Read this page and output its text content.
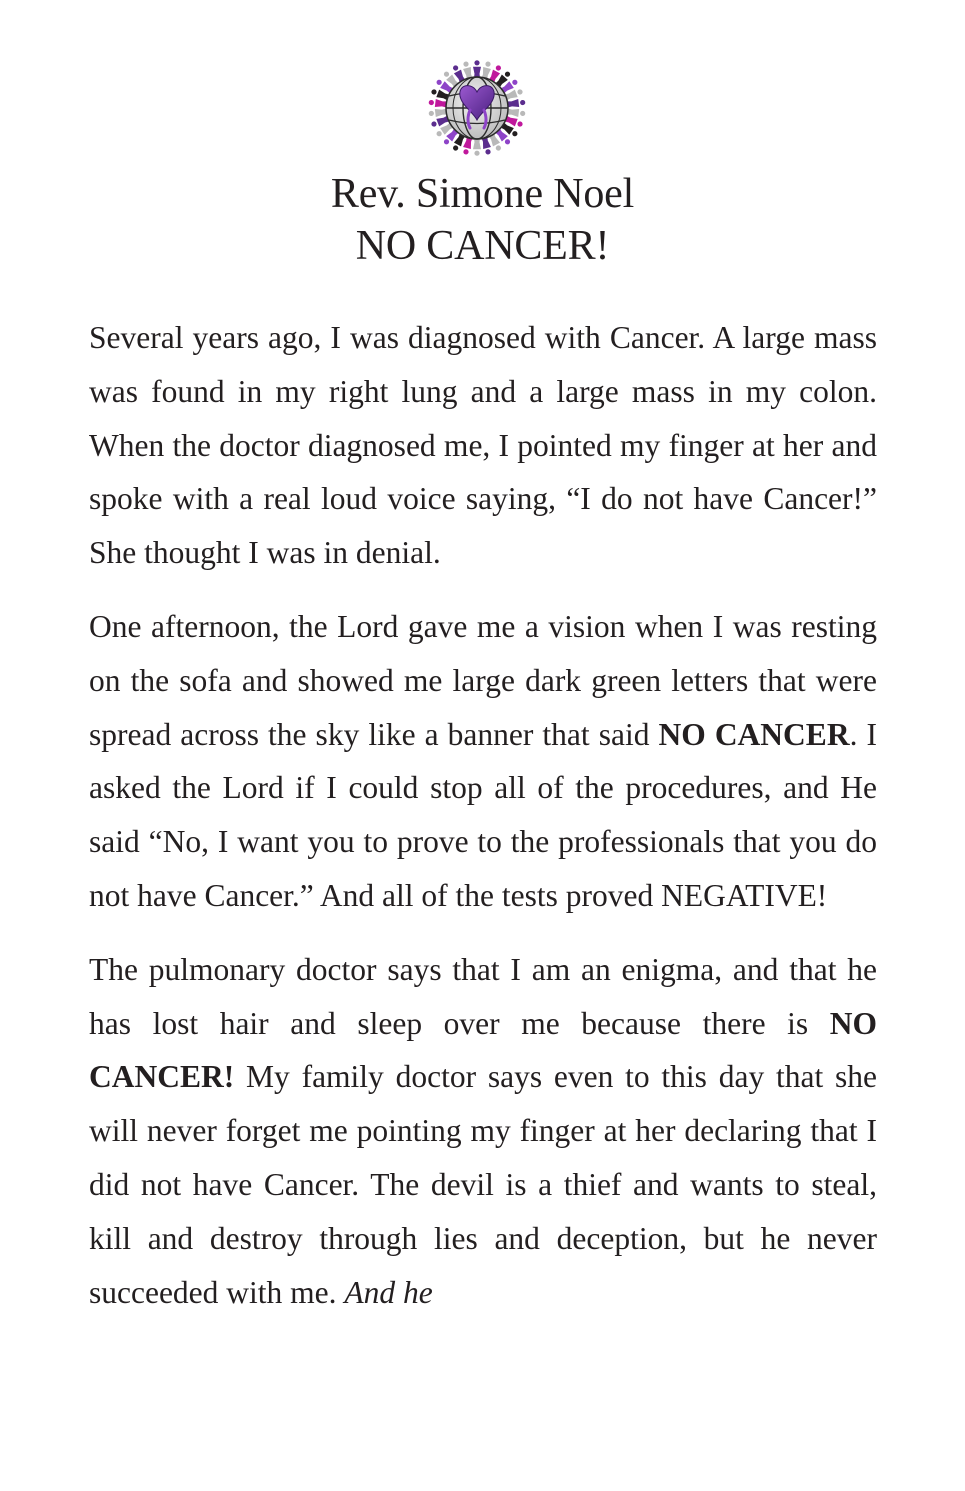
Rev. Simone Noel
NO CANCER!

Several years ago, I was diagnosed with Cancer. A large mass was found in my right lung and a large mass in my colon. When the doctor diagnosed me, I pointed my finger at her and spoke with a real loud voice saying, “I do not have Cancer!” She thought I was in denial.

One afternoon, the Lord gave me a vision when I was resting on the sofa and showed me large dark green letters that were spread across the sky like a banner that said NO CANCER. I asked the Lord if I could stop all of the procedures, and He said “No, I want you to prove to the professionals that you do not have Cancer.” And all of the tests proved NEGATIVE!

The pulmonary doctor says that I am an enigma, and that he has lost hair and sleep over me because there is NO CANCER! My family doctor says even to this day that she will never forget me pointing my finger at her declaring that I did not have Cancer. The devil is a thief and wants to steal, kill and destroy through lies and deception, but he never succeeded with me. And he
